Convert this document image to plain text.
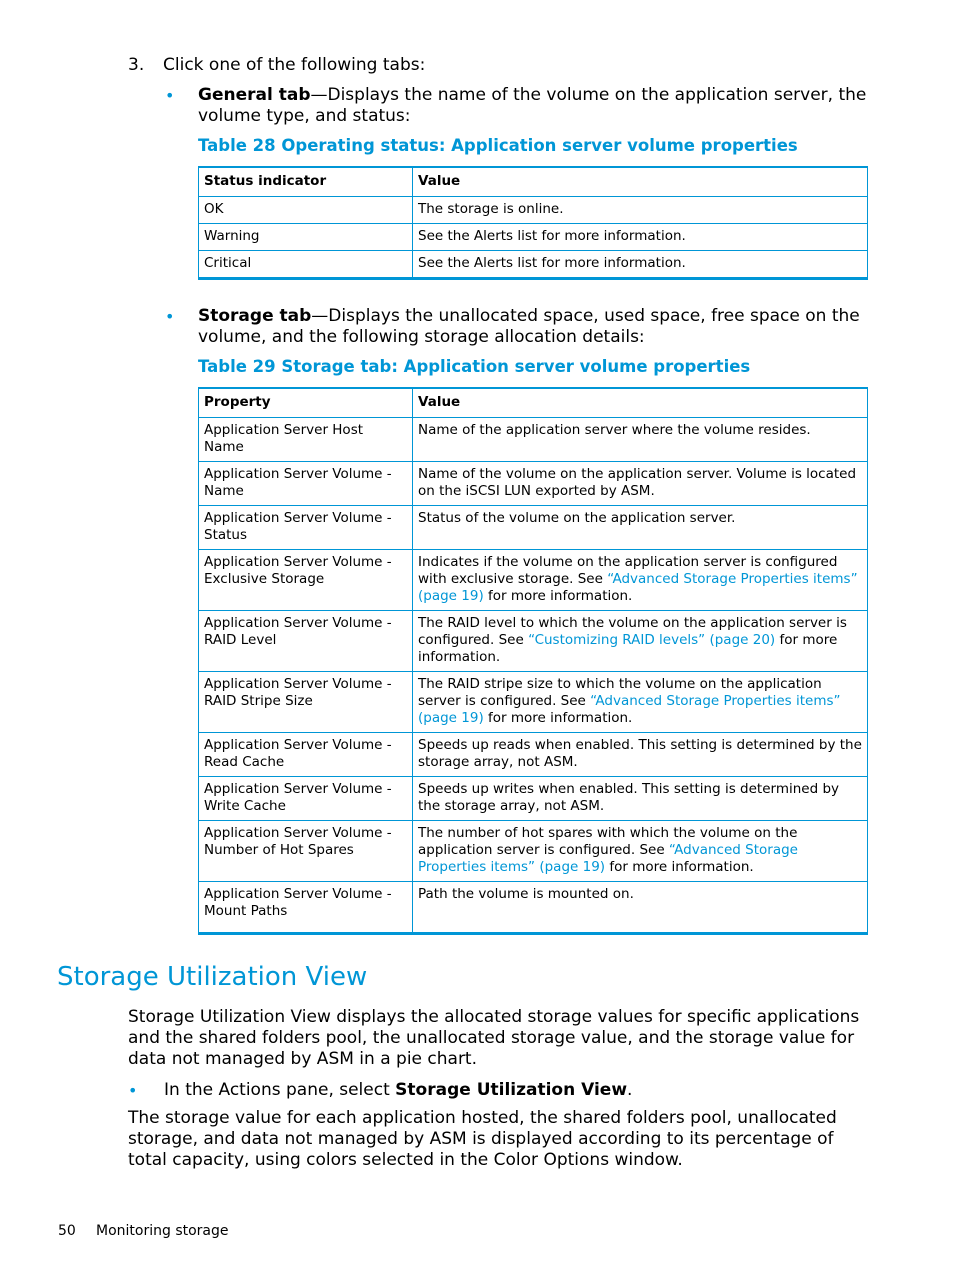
3. Click one of the following tabs:
• General tab—Displays the name of the volume on the application server, the volume type, and status:
Table 28 Operating status: Application server volume properties
Status indicator	Value
OK	The storage is online.
Warning	See the Alerts list for more information.
Critical	See the Alerts list for more information.
• Storage tab—Displays the unallocated space, used space, free space on the volume, and the following storage allocation details:
Table 29 Storage tab: Application server volume properties
Property	Value
Application Server Host Name	Name of the application server where the volume resides.
Application Server Volume - Name	Name of the volume on the application server. Volume is located on the iSCSI LUN exported by ASM.
Application Server Volume - Status	Status of the volume on the application server.
Application Server Volume - Exclusive Storage	Indicates if the volume on the application server is configured with exclusive storage. See “Advanced Storage Properties items” (page 19) for more information.
Application Server Volume - RAID Level	The RAID level to which the volume on the application server is configured. See “Customizing RAID levels” (page 20) for more information.
Application Server Volume - RAID Stripe Size	The RAID stripe size to which the volume on the application server is configured. See “Advanced Storage Properties items” (page 19) for more information.
Application Server Volume - Read Cache	Speeds up reads when enabled. This setting is determined by the storage array, not ASM.
Application Server Volume - Write Cache	Speeds up writes when enabled. This setting is determined by the storage array, not ASM.
Application Server Volume - Number of Hot Spares	The number of hot spares with which the volume on the application server is configured. See “Advanced Storage Properties items” (page 19) for more information.
Application Server Volume - Mount Paths	Path the volume is mounted on.
Storage Utilization View
Storage Utilization View displays the allocated storage values for specific applications and the shared folders pool, the unallocated storage value, and the storage value for data not managed by ASM in a pie chart.
• In the Actions pane, select Storage Utilization View.
The storage value for each application hosted, the shared folders pool, unallocated storage, and data not managed by ASM is displayed according to its percentage of total capacity, using colors selected in the Color Options window.
50 Monitoring storage
